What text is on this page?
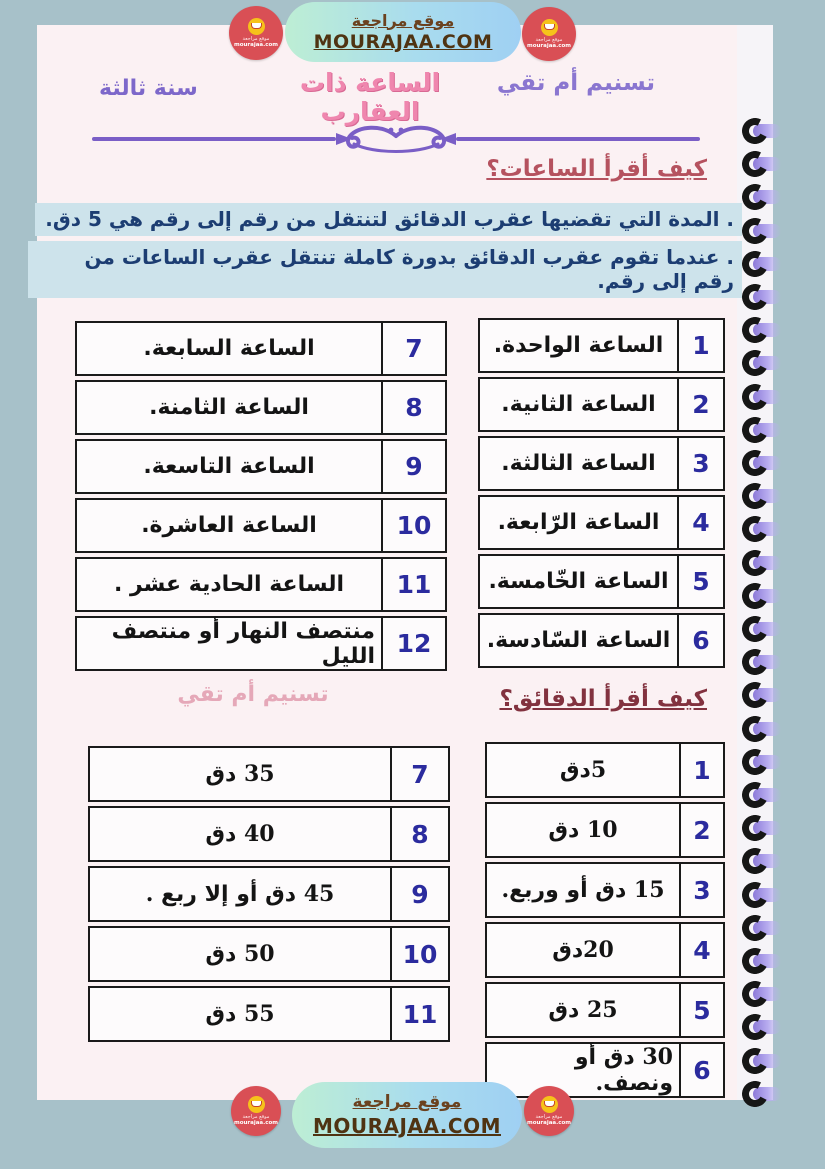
موقع مراجعة
MOURAJAA.COM
موقع مراجعة
mourajaa.com
موقع مراجعة
mourajaa.com
تسنيم أم تقي
الساعة ذات العقارب
سنة ثالثة
كيف أقرأ الساعات؟
. المدة التي تقضيها عقرب الدقائق لتنتقل من رقم إلى رقم هي 5 دق.
. عندما تقوم عقرب الدقائق بدورة كاملة تنتقل عقرب الساعات من رقم إلى رقم.
1
الساعة الواحدة.
2
الساعة الثانية.
3
الساعة الثالثة.
4
الساعة الرّابعة.
5
الساعة الخّامسة.
6
الساعة السّادسة.
7
الساعة السابعة.
8
الساعة الثامنة.
9
الساعة التاسعة.
10
الساعة العاشرة.
11
الساعة الحادية عشر .
12
منتصف النهار أو منتصف الليل
تسنيم أم تقي	كيف أقرأ الدقائق؟
1
5دق
2
10 دق
3
15 دق أو وربع.
4
20دق
5
25 دق
6
30 دق أو ونصف.
7
35 دق
8
40 دق
9
45 دق أو إلا ربع .
10
50 دق
11
55 دق
موقع مراجعة
MOURAJAA.COM
موقع مراجعة
mourajaa.com
موقع مراجعة
mourajaa.com
